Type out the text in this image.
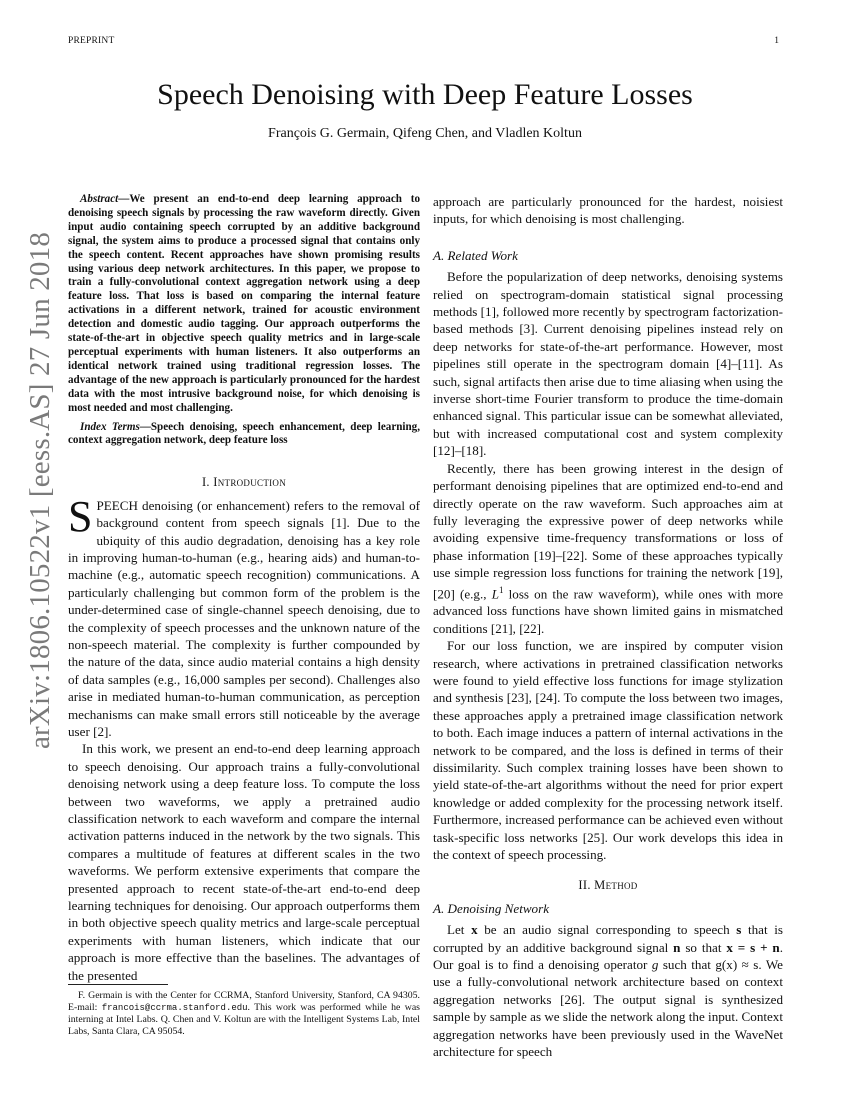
PREPRINT	1
arXiv:1806.10522v1 [eess.AS] 27 Jun 2018
Speech Denoising with Deep Feature Losses
François G. Germain, Qifeng Chen, and Vladlen Koltun

Abstract—We present an end-to-end deep learning approach to denoising speech signals by processing the raw waveform directly. Given input audio containing speech corrupted by an additive background signal, the system aims to produce a processed signal that contains only the speech content. Recent approaches have shown promising results using various deep network architectures. In this paper, we propose to train a fully-convolutional context aggregation network using a deep feature loss. That loss is based on comparing the internal feature activations in a different network, trained for acoustic environment detection and domestic audio tagging. Our approach outperforms the state-of-the-art in objective speech quality metrics and in large-scale perceptual experiments with human listeners. It also outperforms an identical network trained using traditional regression losses. The advantage of the new approach is particularly pronounced for the hardest data with the most intrusive background noise, for which denoising is most needed and most challenging.

Index Terms—Speech denoising, speech enhancement, deep learning, context aggregation network, deep feature loss

I. Introduction

SPEECH denoising (or enhancement) refers to the removal of background content from speech signals [1]. Due to the ubiquity of this audio degradation, denoising has a key role in improving human-to-human (e.g., hearing aids) and human-to-machine (e.g., automatic speech recognition) communications. A particularly challenging but common form of the problem is the under-determined case of single-channel speech denoising, due to the complexity of speech processes and the unknown nature of the non-speech material. The complexity is further compounded by the nature of the data, since audio material contains a high density of data samples (e.g., 16,000 samples per second). Challenges also arise in mediated human-to-human communication, as perception mechanisms can make small errors still noticeable by the average user [2].

In this work, we present an end-to-end deep learning approach to speech denoising. Our approach trains a fully-convolutional denoising network using a deep feature loss. To compute the loss between two waveforms, we apply a pretrained audio classification network to each waveform and compare the internal activation patterns induced in the network by the two signals. This compares a multitude of features at different scales in the two waveforms. We perform extensive experiments that compare the presented approach to recent state-of-the-art end-to-end deep learning techniques for denoising. Our approach outperforms them in both objective speech quality metrics and large-scale perceptual experiments with human listeners, which indicate that our approach is more effective than the baselines. The advantages of the presented

F. Germain is with the Center for CCRMA, Stanford University, Stanford, CA 94305. E-mail: francois@ccrma.stanford.edu. This work was performed while he was interning at Intel Labs. Q. Chen and V. Koltun are with the Intelligent Systems Lab, Intel Labs, Santa Clara, CA 95054.

approach are particularly pronounced for the hardest, noisiest inputs, for which denoising is most challenging.

A. Related Work

Before the popularization of deep networks, denoising systems relied on spectrogram-domain statistical signal processing methods [1], followed more recently by spectrogram factorization-based methods [3]. Current denoising pipelines instead rely on deep networks for state-of-the-art performance. However, most pipelines still operate in the spectrogram domain [4]–[11]. As such, signal artifacts then arise due to time aliasing when using the inverse short-time Fourier transform to produce the time-domain enhanced signal. This particular issue can be somewhat alleviated, but with increased computational cost and system complexity [12]–[18].

Recently, there has been growing interest in the design of performant denoising pipelines that are optimized end-to-end and directly operate on the raw waveform. Such approaches aim at fully leveraging the expressive power of deep networks while avoiding expensive time-frequency transformations or loss of phase information [19]–[22]. Some of these approaches typically use simple regression loss functions for training the network [19], [20] (e.g., $L^1$ loss on the raw waveform), while ones with more advanced loss functions have shown limited gains in mismatched conditions [21], [22].

For our loss function, we are inspired by computer vision research, where activations in pretrained classification networks were found to yield effective loss functions for image stylization and synthesis [23], [24]. To compute the loss between two images, these approaches apply a pretrained image classification network to both. Each image induces a pattern of internal activations in the network to be compared, and the loss is defined in terms of their dissimilarity. Such complex training losses have been shown to yield state-of-the-art algorithms without the need for prior expert knowledge or added complexity for the processing network itself. Furthermore, increased performance can be achieved even without task-specific loss networks [25]. Our work develops this idea in the context of speech processing.

II. Method
A. Denoising Network

Let x be an audio signal corresponding to speech s that is corrupted by an additive background signal n so that x = s + n. Our goal is to find a denoising operator g such that g(x) ≈ s. We use a fully-convolutional network architecture based on context aggregation networks [26]. The output signal is synthesized sample by sample as we slide the network along the input. Context aggregation networks have been previously used in the WaveNet architecture for speech
